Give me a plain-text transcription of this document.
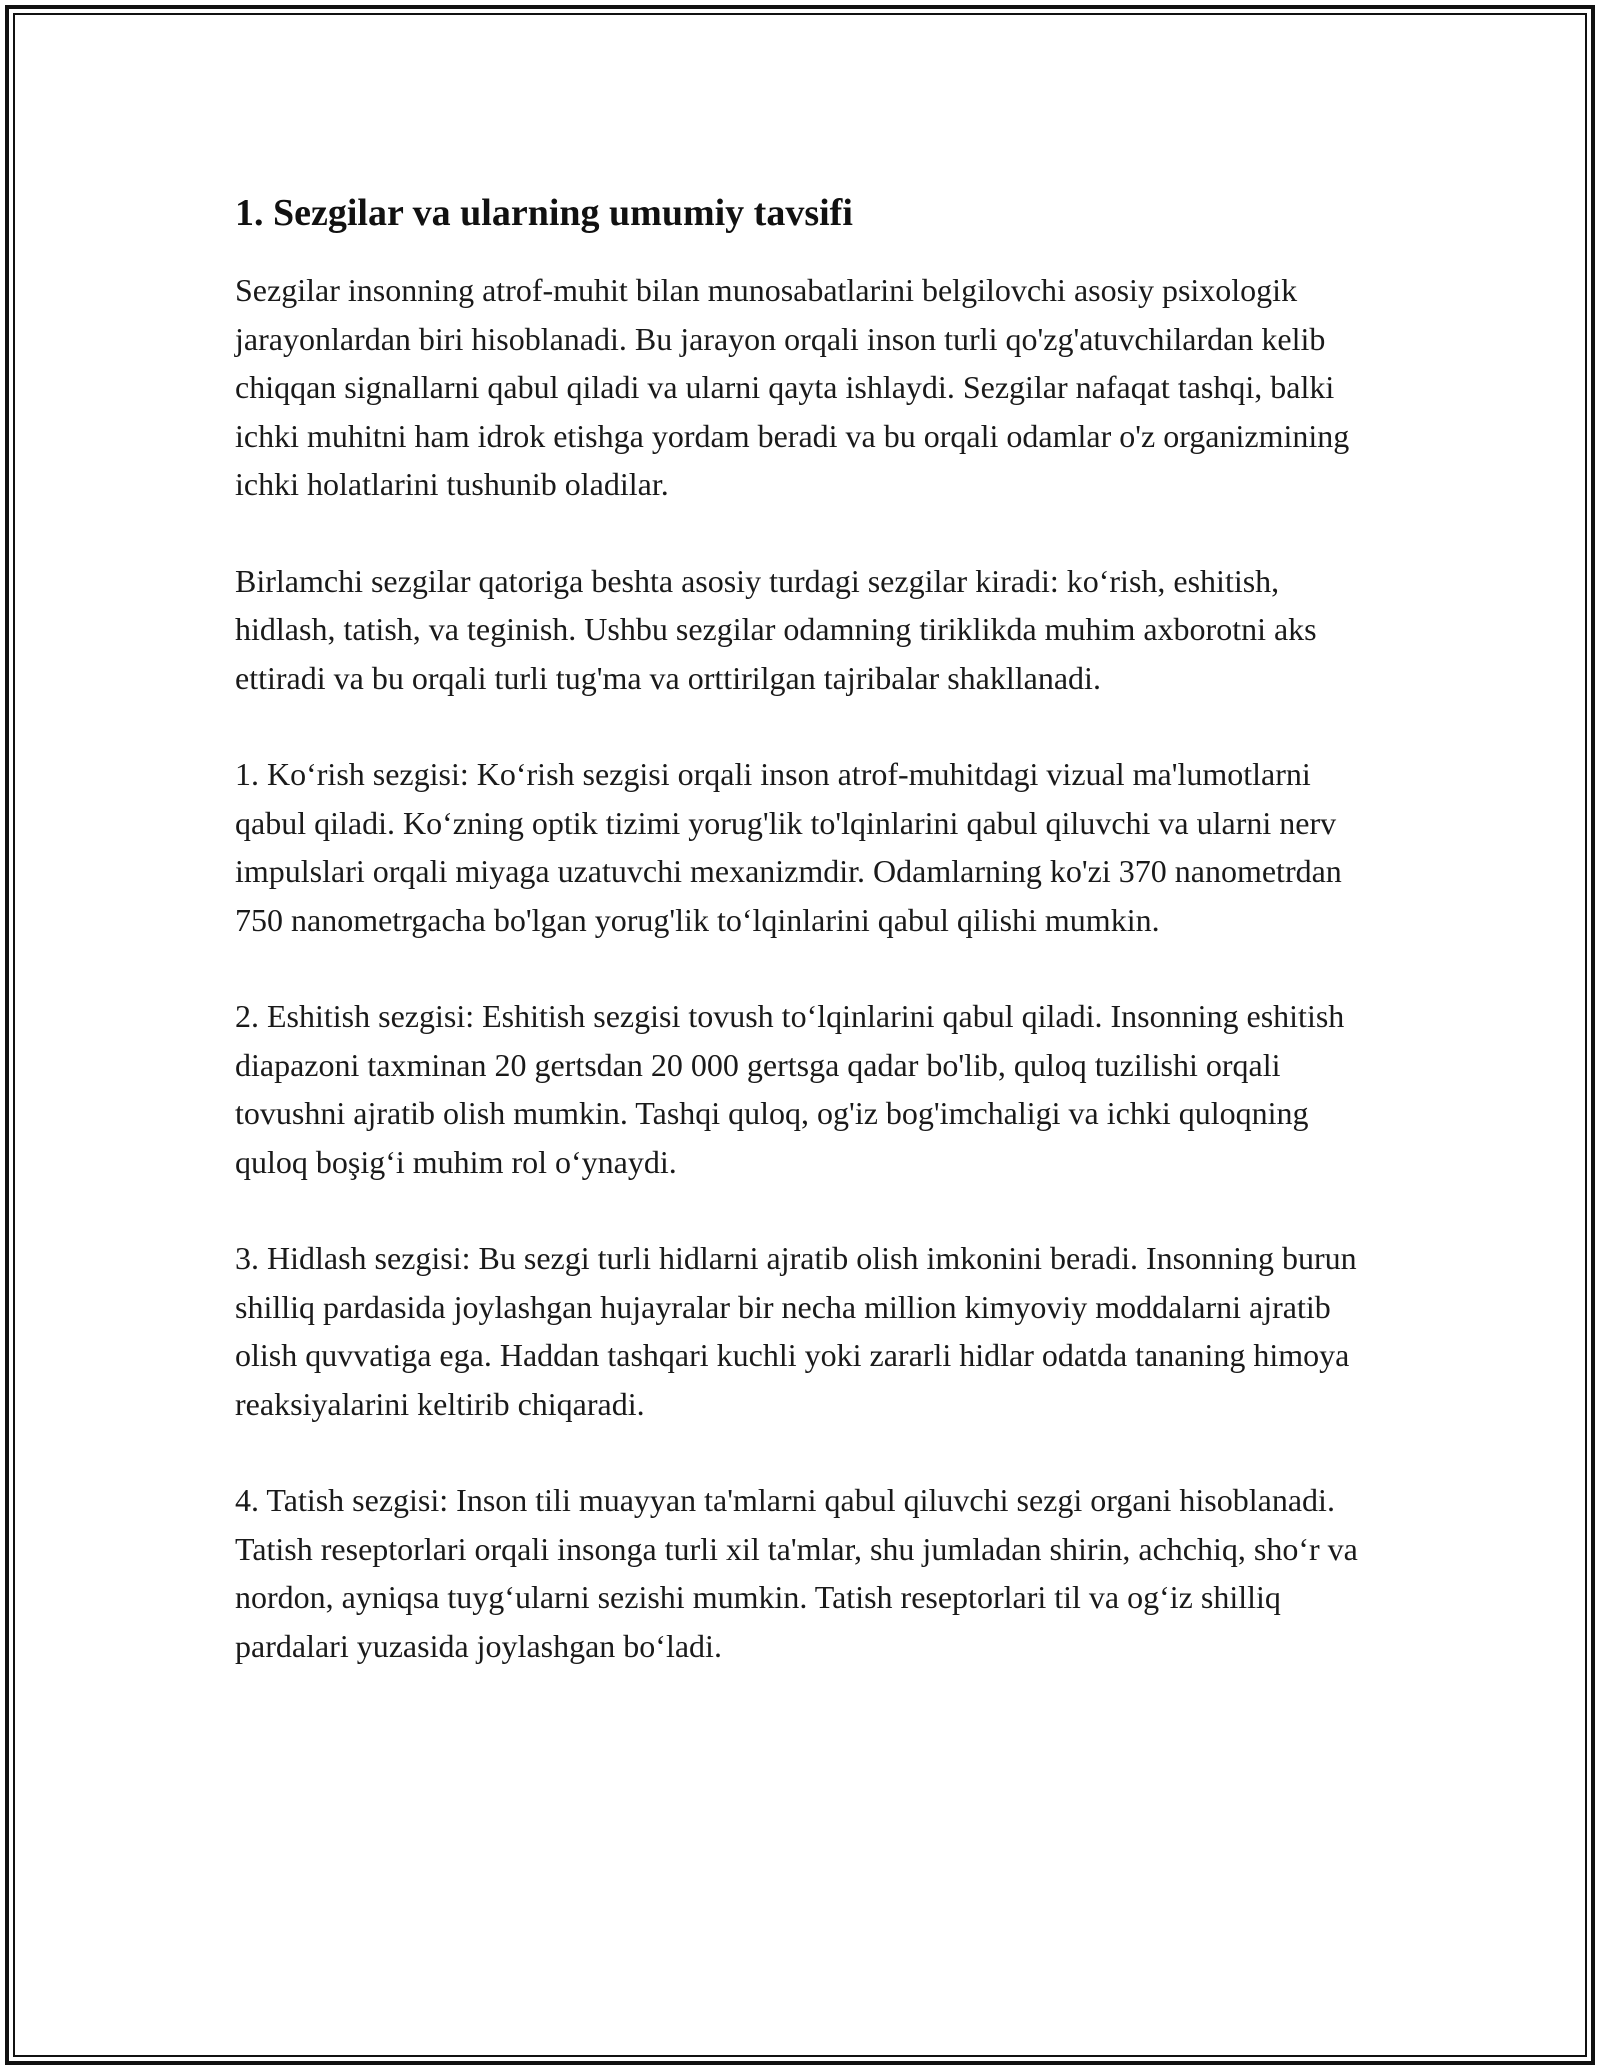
1. Sezgilar va ularning umumiy tavsifi

Sezgilar insonning atrof-muhit bilan munosabatlarini belgilovchi asosiy psixologik jarayonlardan biri hisoblanadi. Bu jarayon orqali inson turli qo'zg'atuvchilardan kelib chiqqan signallarni qabul qiladi va ularni qayta ishlaydi. Sezgilar nafaqat tashqi, balki ichki muhitni ham idrok etishga yordam beradi va bu orqali odamlar o'z organizmining ichki holatlarini tushunib oladilar.

Birlamchi sezgilar qatoriga beshta asosiy turdagi sezgilar kiradi: ko‘rish, eshitish, hidlash, tatish, va teginish. Ushbu sezgilar odamning tiriklikda muhim axborotni aks ettiradi va bu orqali turli tug'ma va orttirilgan tajribalar shakllanadi.

1. Ko‘rish sezgisi: Ko‘rish sezgisi orqali inson atrof-muhitdagi vizual ma'lumotlarni qabul qiladi. Ko‘zning optik tizimi yorug'lik to'lqinlarini qabul qiluvchi va ularni nerv impulslari orqali miyaga uzatuvchi mexanizmdir. Odamlarning ko'zi 370 nanometrdan 750 nanometrgacha bo'lgan yorug'lik to‘lqinlarini qabul qilishi mumkin.

2. Eshitish sezgisi: Eshitish sezgisi tovush to‘lqinlarini qabul qiladi. Insonning eshitish diapazoni taxminan 20 gertsdan 20 000 gertsga qadar bo'lib, quloq tuzilishi orqali tovushni ajratib olish mumkin. Tashqi quloq, og'iz bog'imchaligi va ichki quloqning quloq boşig‘i muhim rol o‘ynaydi.

3. Hidlash sezgisi: Bu sezgi turli hidlarni ajratib olish imkonini beradi. Insonning burun shilliq pardasida joylashgan hujayralar bir necha million kimyoviy moddalarni ajratib olish quvvatiga ega. Haddan tashqari kuchli yoki zararli hidlar odatda tananing himoya reaksiyalarini keltirib chiqaradi.

4. Tatish sezgisi: Inson tili muayyan ta'mlarni qabul qiluvchi sezgi organi hisoblanadi. Tatish reseptorlari orqali insonga turli xil ta'mlar, shu jumladan shirin, achchiq, sho‘r va nordon, ayniqsa tuyg‘ularni sezishi mumkin. Tatish reseptorlari til va og‘iz shilliq pardalari yuzasida joylashgan bo‘ladi.
